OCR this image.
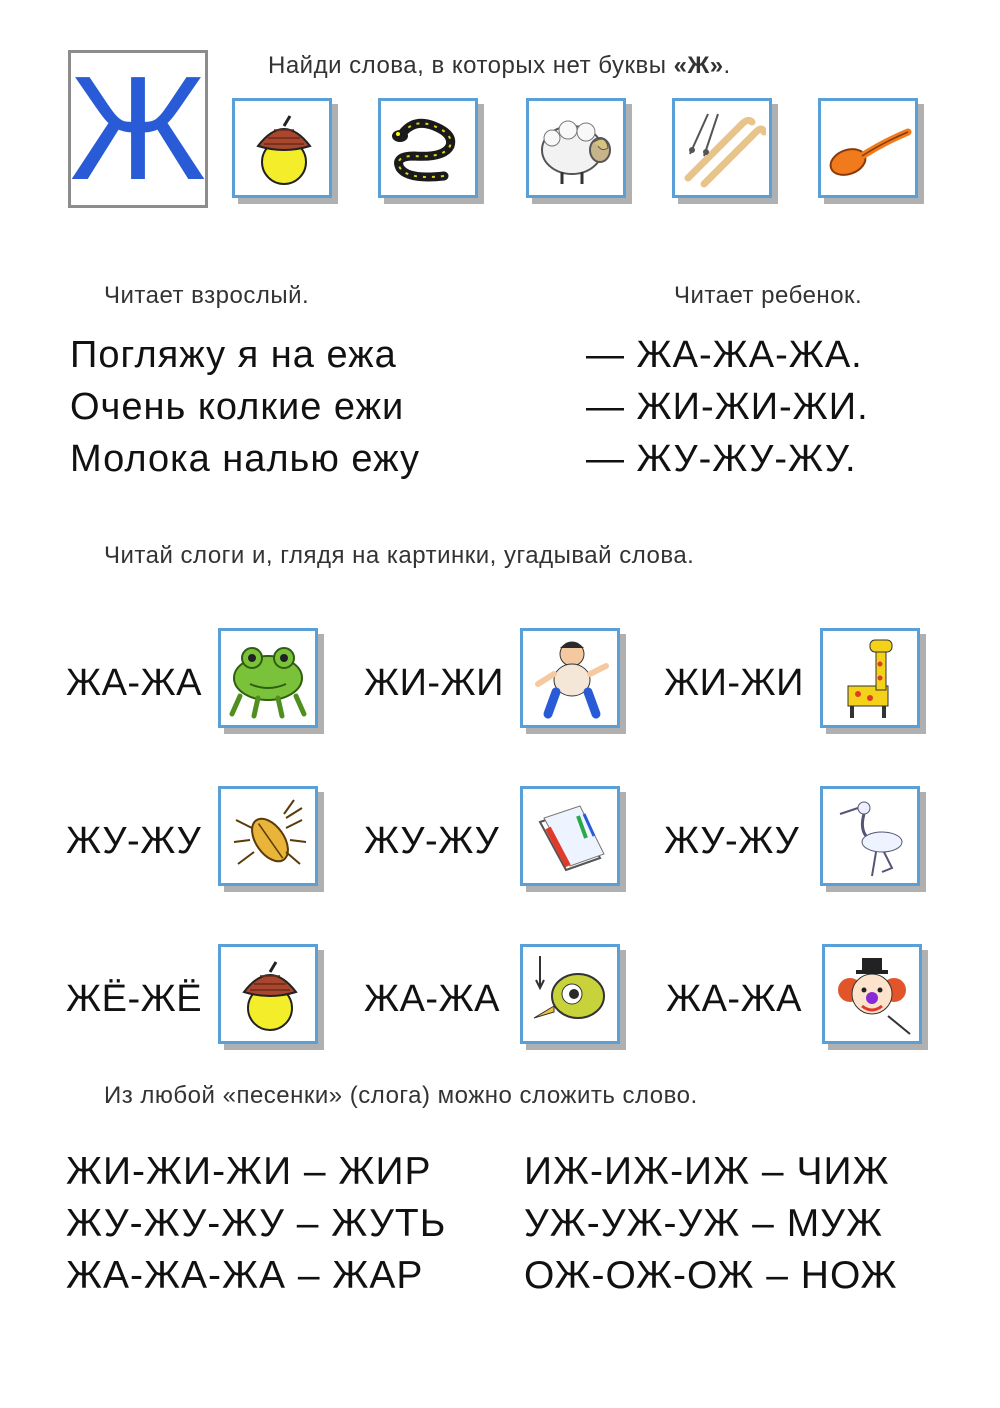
Ж	Найди слова, в которых нет буквы «Ж».
Читает взрослый.	Читает ребенок.
Погляжу я на ежа	— ЖА-ЖА-ЖА.
Очень колкие ежи	— ЖИ-ЖИ-ЖИ.
Молока налью ежу	— ЖУ-ЖУ-ЖУ.
Читай слоги и, глядя на картинки, угадывай слова.
ЖА-ЖА	ЖИ-ЖИ	ЖИ-ЖИ
ЖУ-ЖУ	ЖУ-ЖУ	ЖУ-ЖУ
ЖЁ-ЖЁ	ЖА-ЖА	ЖА-ЖА
Из любой «песенки» (слога) можно сложить слово.
ЖИ-ЖИ-ЖИ – ЖИР
ЖУ-ЖУ-ЖУ – ЖУТЬ
ЖА-ЖА-ЖА – ЖАР
ИЖ-ИЖ-ИЖ – ЧИЖ
УЖ-УЖ-УЖ – МУЖ
ОЖ-ОЖ-ОЖ – НОЖ
